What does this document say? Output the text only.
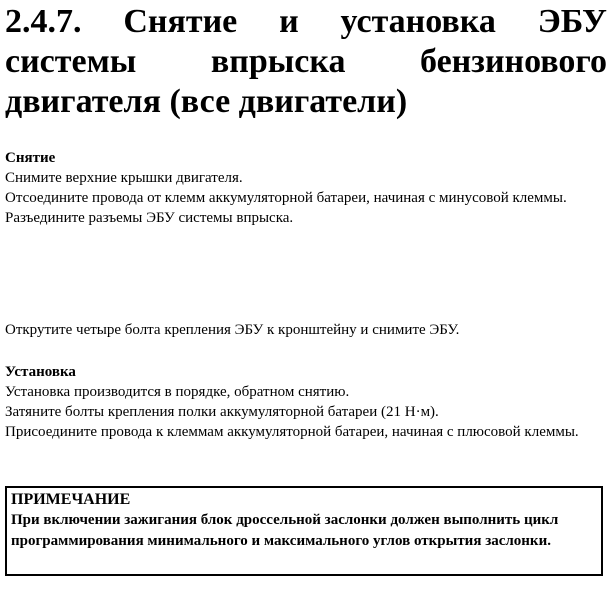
2.4.7. Снятие и установка ЭБУ системы впрыска бензинового двигателя (все двигатели)

Снятие

Снимите верхние крышки двигателя.

Отсоедините провода от клемм аккумуляторной батареи, начиная с минусовой клеммы.

Разъедините разъемы ЭБУ системы впрыска.

Открутите четыре болта крепления ЭБУ к кронштейну и снимите ЭБУ.

Установка

Установка производится в порядке, обратном снятию.

Затяните болты крепления полки аккумуляторной батареи (21 Н·м).

Присоедините провода к клеммам аккумуляторной батареи, начиная с плюсовой клеммы.

ПРИМЕЧАНИЕ

При включении зажигания блок дроссельной заслонки должен выполнить цикл программирования минимального и максимального углов открытия заслонки.
